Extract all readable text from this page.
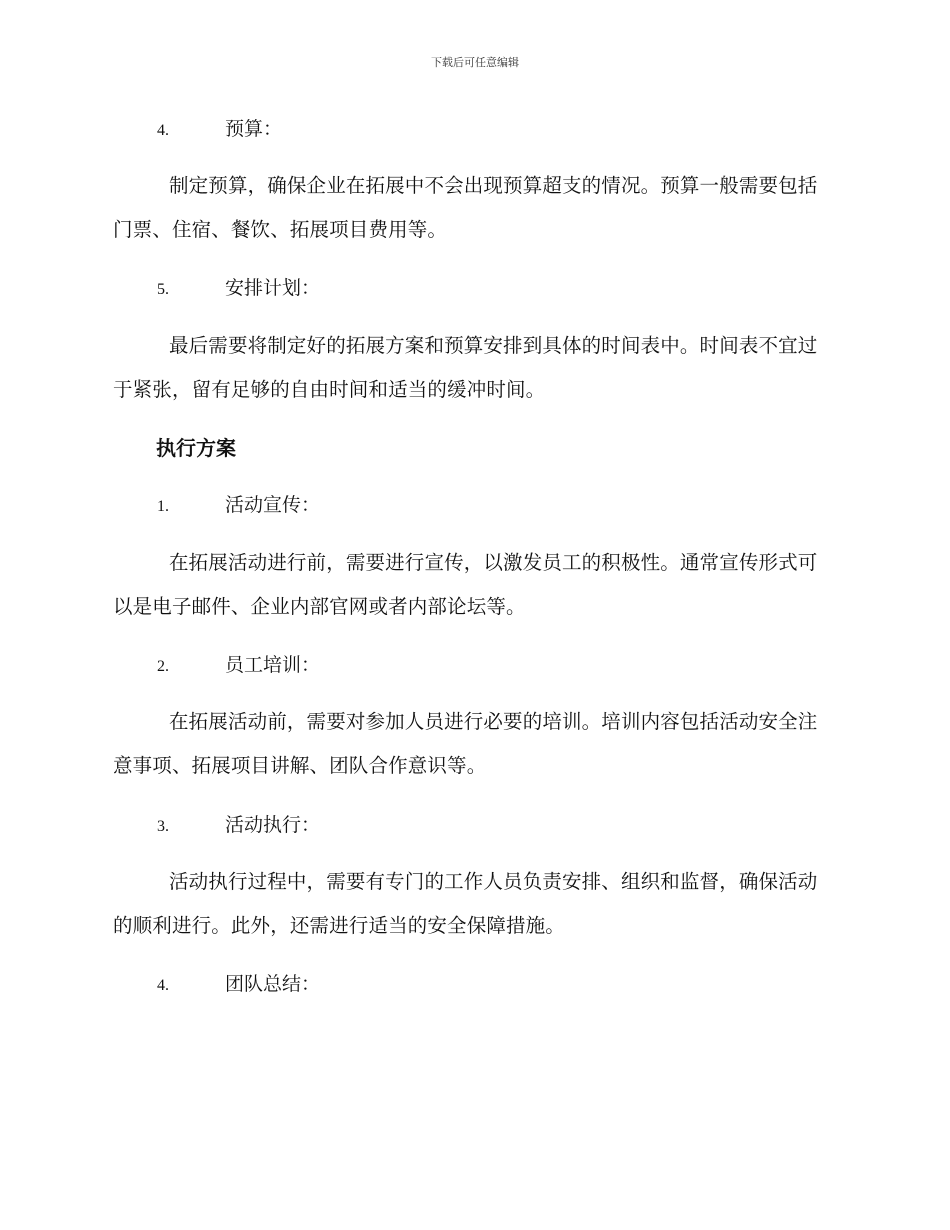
下载后可任意编辑
4.	预算：
制定预算，确保企业在拓展中不会出现预算超支的情况。预算一般需要包括门票、住宿、餐饮、拓展项目费用等。
5.	安排计划：
最后需要将制定好的拓展方案和预算安排到具体的时间表中。时间表不宜过于紧张，留有足够的自由时间和适当的缓冲时间。
执行方案
1.	活动宣传：
在拓展活动进行前，需要进行宣传，以激发员工的积极性。通常宣传形式可以是电子邮件、企业内部官网或者内部论坛等。
2.	员工培训：
在拓展活动前，需要对参加人员进行必要的培训。培训内容包括活动安全注意事项、拓展项目讲解、团队合作意识等。
3.	活动执行：
活动执行过程中，需要有专门的工作人员负责安排、组织和监督，确保活动的顺利进行。此外，还需进行适当的安全保障措施。
4.	团队总结：
